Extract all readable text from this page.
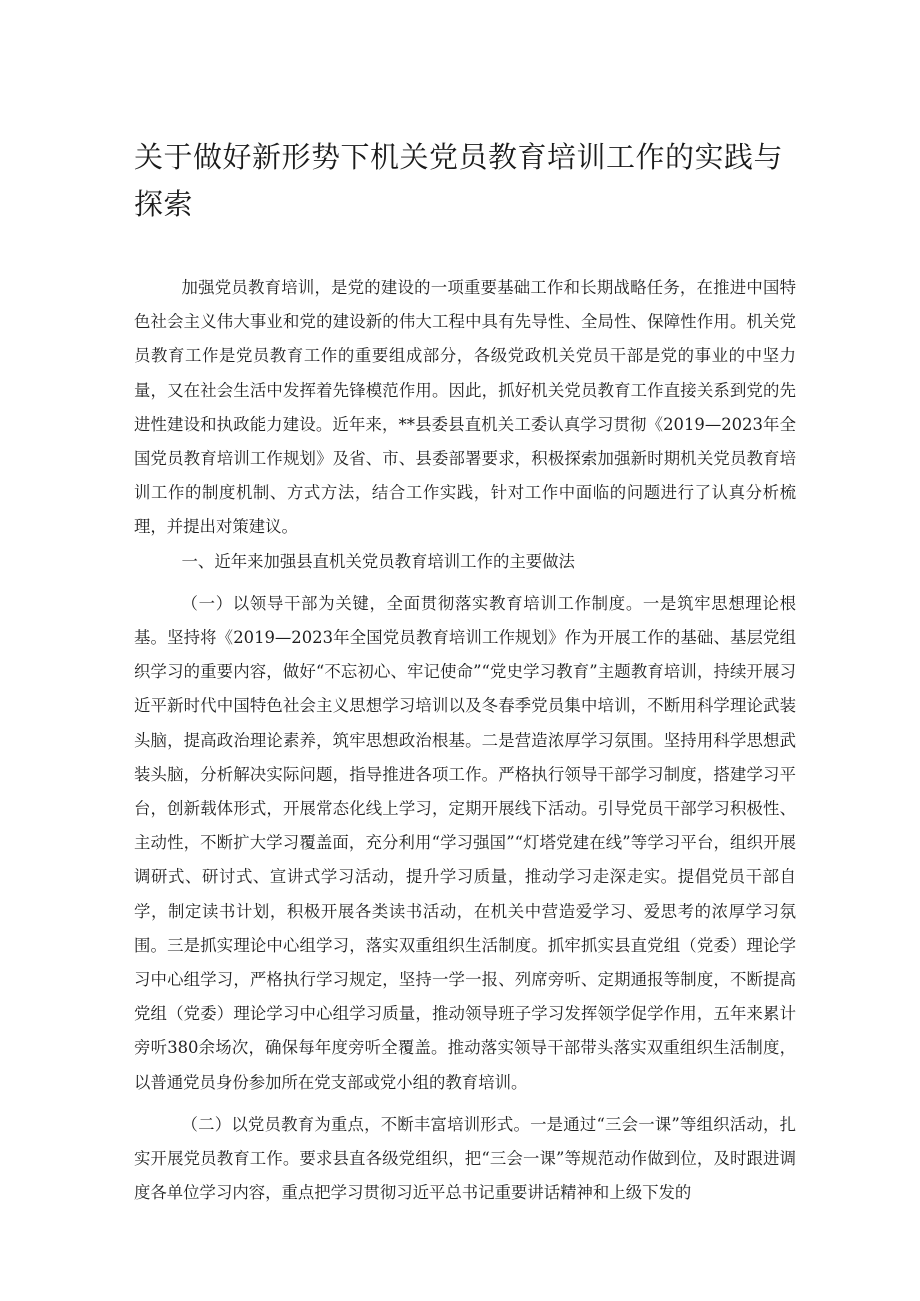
关于做好新形势下机关党员教育培训工作的实践与探索

加强党员教育培训，是党的建设的一项重要基础工作和长期战略任务，在推进中国特色社会主义伟大事业和党的建设新的伟大工程中具有先导性、全局性、保障性作用。机关党员教育工作是党员教育工作的重要组成部分，各级党政机关党员干部是党的事业的中坚力量，又在社会生活中发挥着先锋模范作用。因此，抓好机关党员教育工作直接关系到党的先进性建设和执政能力建设。近年来，**县委县直机关工委认真学习贯彻《2019—2023年全国党员教育培训工作规划》及省、市、县委部署要求，积极探索加强新时期机关党员教育培训工作的制度机制、方式方法，结合工作实践，针对工作中面临的问题进行了认真分析梳理，并提出对策建议。

一、近年来加强县直机关党员教育培训工作的主要做法

（一）以领导干部为关键，全面贯彻落实教育培训工作制度。一是筑牢思想理论根基。坚持将《2019—2023年全国党员教育培训工作规划》作为开展工作的基础、基层党组织学习的重要内容，做好“不忘初心、牢记使命”“党史学习教育”主题教育培训，持续开展习近平新时代中国特色社会主义思想学习培训以及冬春季党员集中培训，不断用科学理论武装头脑，提高政治理论素养，筑牢思想政治根基。二是营造浓厚学习氛围。坚持用科学思想武装头脑，分析解决实际问题，指导推进各项工作。严格执行领导干部学习制度，搭建学习平台，创新载体形式，开展常态化线上学习，定期开展线下活动。引导党员干部学习积极性、主动性，不断扩大学习覆盖面，充分利用“学习强国”“灯塔党建在线”等学习平台，组织开展调研式、研讨式、宣讲式学习活动，提升学习质量，推动学习走深走实。提倡党员干部自学，制定读书计划，积极开展各类读书活动，在机关中营造爱学习、爱思考的浓厚学习氛围。三是抓实理论中心组学习，落实双重组织生活制度。抓牢抓实县直党组（党委）理论学习中心组学习，严格执行学习规定，坚持一学一报、列席旁听、定期通报等制度，不断提高党组（党委）理论学习中心组学习质量，推动领导班子学习发挥领学促学作用，五年来累计旁听380余场次，确保每年度旁听全覆盖。推动落实领导干部带头落实双重组织生活制度，以普通党员身份参加所在党支部或党小组的教育培训。

（二）以党员教育为重点，不断丰富培训形式。一是通过“三会一课”等组织活动，扎实开展党员教育工作。要求县直各级党组织，把“三会一课”等规范动作做到位，及时跟进调度各单位学习内容，重点把学习贯彻习近平总书记重要讲话精神和上级下发的
